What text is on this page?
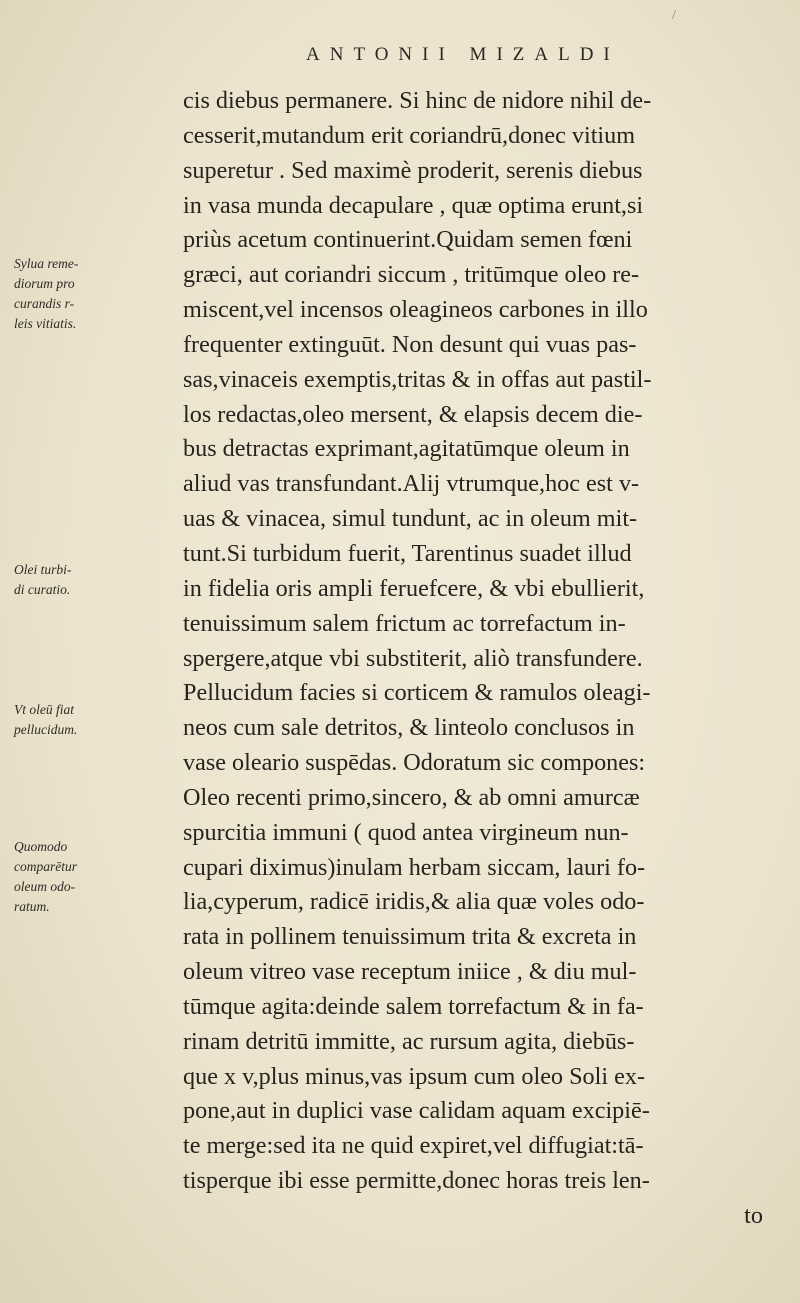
/
ANTONII MIZALDI
Sylua reme-
diorum pro
curandis r-
leis vitiatis.
Olei turbi-
di curatio.
Vt oleū fiat
pellucidum.
Quomodo
comparētur
oleum odo-
ratum.
cis diebus permanere. Si hinc de nidore nihil de-
cesserit,mutandum erit coriandrū,donec vitium
superetur . Sed maximè proderit, serenis diebus
in vasa munda decapulare , quæ optima erunt,si
priùs acetum continuerint.Quidam semen fœni
græci, aut coriandri siccum , tritūmque oleo re-
miscent,vel incensos oleagineos carbones in illo
frequenter extinguūt. Non desunt qui vuas pas-
sas,vinaceis exemptis,tritas & in offas aut pastil-
los redactas,oleo mersent, & elapsis decem die-
bus detractas exprimant,agitatūmque oleum in
aliud vas transfundant.Alij vtrumque,hoc est v-
uas & vinacea, simul tundunt, ac in oleum mit-
tunt.Si turbidum fuerit, Tarentinus suadet illud
in fidelia oris ampli feruefcere, & vbi ebullierit,
tenuissimum salem frictum ac torrefactum in-
spergere,atque vbi substiterit, aliò transfundere.
Pellucidum facies si corticem & ramulos oleagi-
neos cum sale detritos, & linteolo conclusos in
vase oleario suspēdas. Odoratum sic compones:
Oleo recenti primo,sincero, & ab omni amurcæ
spurcitia immuni ( quod antea virgineum nun-
cupari diximus)inulam herbam siccam, lauri fo-
lia,cyperum, radicē iridis,& alia quæ voles odo-
rata in pollinem tenuissimum trita & excreta in
oleum vitreo vase receptum iniice , & diu mul-
tūmque agita:deinde salem torrefactum & in fa-
rinam detritū immitte, ac rursum agita, diebūs-
que x v,plus minus,vas ipsum cum oleo Soli ex-
pone,aut in duplici vase calidam aquam excipiē-
te merge:sed ita ne quid expiret,vel diffugiat:tā-
tisperque ibi esse permitte,donec horas treis len-
to
